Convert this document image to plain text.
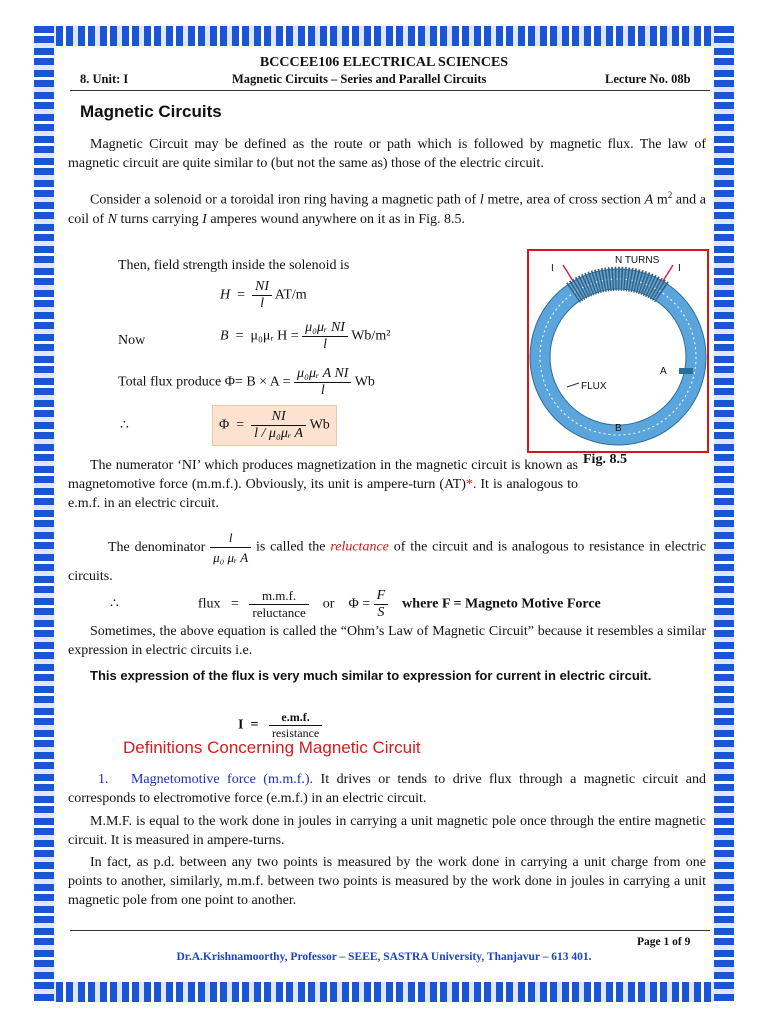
BCCCEE106 ELECTRICAL SCIENCES
8. Unit: I	Magnetic Circuits – Series and Parallel Circuits	Lecture No. 08b
Magnetic Circuits
Magnetic Circuit may be defined as the route or path which is followed by magnetic flux. The law of magnetic circuit are quite similar to (but not the same as) those of the electric circuit.
Consider a solenoid or a toroidal iron ring having a magnetic path of l metre, area of cross section A $m^2$ and a coil of N turns carrying I amperes wound anywhere on it as in Fig. 8.5.
Then, field strength inside the solenoid is
$H = \frac{NI}{l} AT/m$
Now	B = μ₀μᵣ $H = \frac{\text{μ₀μᵣ NI}}{l} Wb/m^2$
Total flux produce $\Phi= B \times A = \frac{\text{μ₀μᵣ A NI}}{l}$ Wb
∴	$\Phi = \frac{NI}{\text{l / μ₀μᵣ A}}$ Wb
N TURNS
I	I
FLUX
A
B
Fig. 8.5
The numerator ‘NI’ which produces magnetization in the magnetic circuit is known as magnetomotive force (m.m.f.). Obviously, its unit is ampere-turn (AT)*. It is analogous to e.m.f. in an electric circuit.
The denominator $\frac{l}{\text{μ₀ μᵣ A}}$ is called the reluctance of the circuit and is analogous to resistance in electric circuits.
∴	flux = $\frac{m.m.f.}{\text{reluctance}}$ or $\Phi = \frac{F}{S}$ where F = Magneto Motive Force
Sometimes, the above equation is called the “Ohm’s Law of Magnetic Circuit” because it resembles a similar expression in electric circuits i.e.
This expression of the flux is very much similar to expression for current in electric circuit.
$I = \frac{e.m.f.}{\text{resistance}}$
Definitions Concerning Magnetic Circuit
1. Magnetomotive force (m.m.f.). It drives or tends to drive flux through a magnetic circuit and corresponds to electromotive force (e.m.f.) in an electric circuit.
M.M.F. is equal to the work done in joules in carrying a unit magnetic pole once through the entire magnetic circuit. It is measured in ampere-turns.
In fact, as p.d. between any two points is measured by the work done in carrying a unit charge from one points to another, similarly, m.m.f. between two points is measured by the work done in joules in carrying a unit magnetic pole from one point to another.
Page 1 of 9
Dr.A.Krishnamoorthy, Professor – SEEE, SASTRA University, Thanjavur – 613 401.
